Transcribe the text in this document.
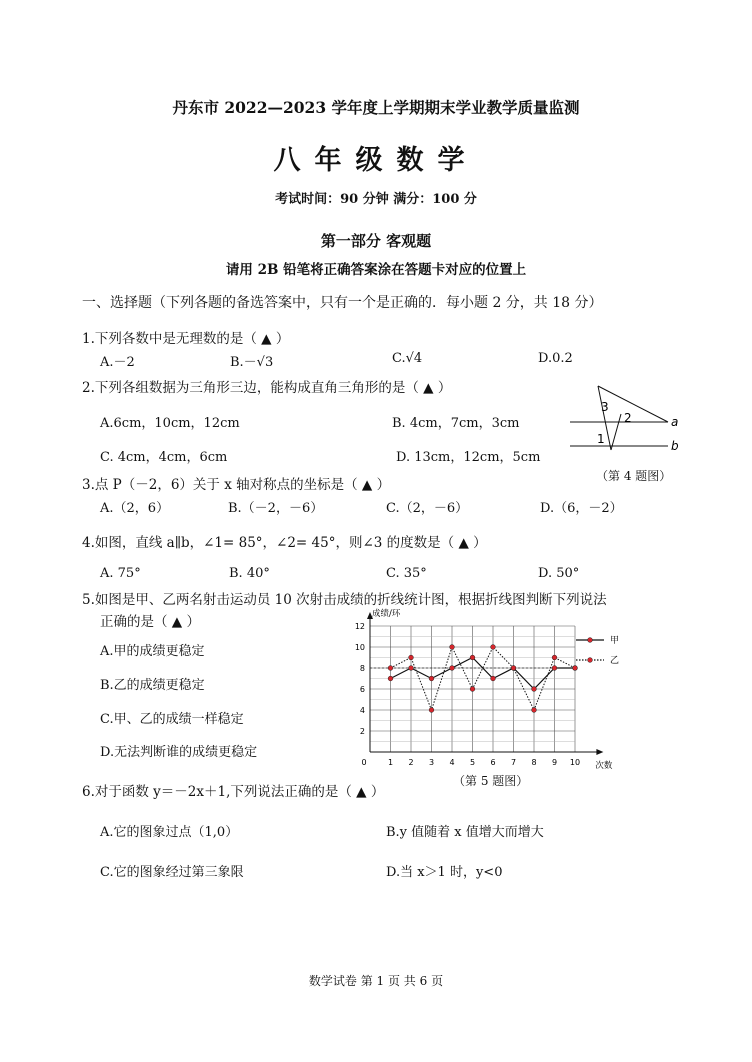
丹东市 2022—2023 学年度上学期期末学业教学质量监测
八年级数学
考试时间：90 分钟 满分：100 分
第一部分 客观题
请用 2B 铅笔将正确答案涂在答题卡对应的位置上
一、选择题（下列各题的备选答案中，只有一个是正确的．每小题 2 分，共 18 分）
1.下列各数中是无理数的是（ ▲ ）
A.－2	B.－√3	C.√4	D.0.2
2.下列各组数据为三角形三边，能构成直角三角形的是（ ▲ ）
A.6cm，10cm，12cm	B. 4cm，7cm，3cm
C. 4cm，4cm，6cm	D. 13cm，12cm，5cm
3
2
1
a
b
（第 4 题图）
3.点 P（－2，6）关于 x 轴对称点的坐标是（ ▲ ）
A.（2，6）	B.（－2，－6）	C.（2，－6）	D.（6，－2）
4.如图，直线 a∥b，∠1= 85°，∠2= 45°，则∠3 的度数是（ ▲ ）
A. 75°	B. 40°	C. 35°	D. 50°
5.如图是甲、乙两名射击运动员 10 次射击成绩的折线统计图，根据折线图判断下列说法
正确的是（ ▲ ）
A.甲的成绩更稳定
B.乙的成绩更稳定
C.甲、乙的成绩一样稳定
D.无法判断谁的成绩更稳定
1 2 3 4 5 6 7 8 9 10
2
4
6
8
10
12
0
成绩/环
次数
甲
乙
（第 5 题图）
6.对于函数 y＝－2x＋1,下列说法正确的是（ ▲ ）
A.它的图象过点（1,0）	B.y 值随着 x 值增大而增大
C.它的图象经过第三象限	D.当 x＞1 时，y<0
数学试卷 第 1 页 共 6 页
